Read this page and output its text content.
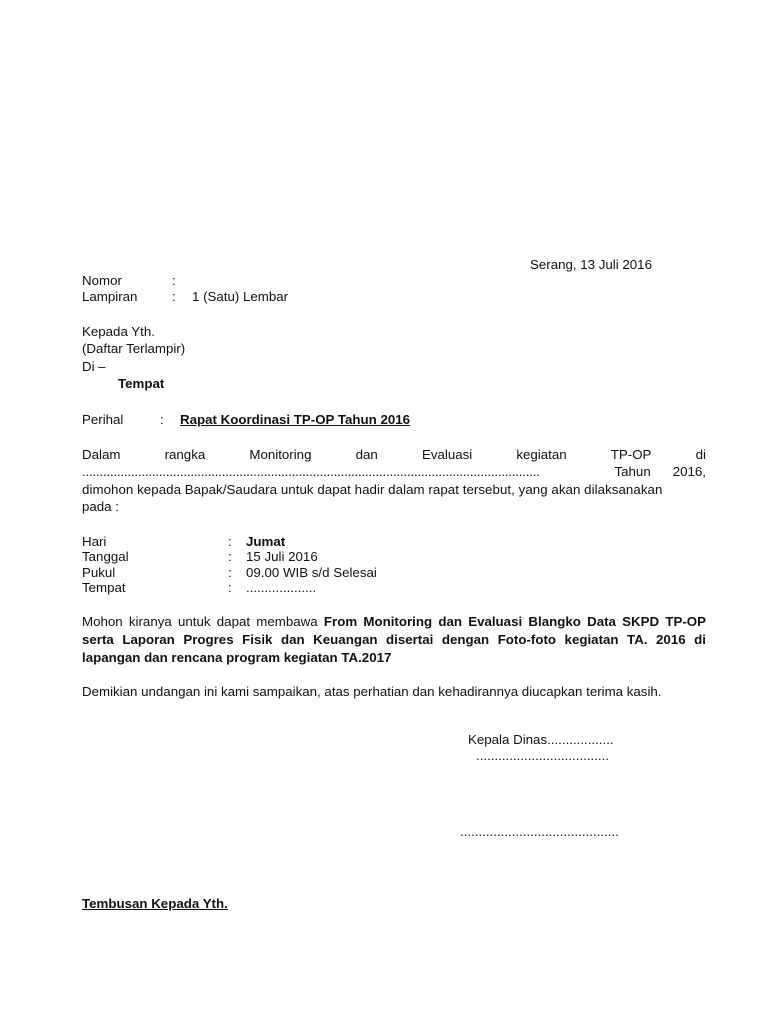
Serang, 13 Juli 2016
Nomor	:
Lampiran	: 1 (Satu) Lembar
Kepada Yth.
(Daftar Terlampir)
Di –
Tempat
Perihal	: Rapat Koordinasi TP-OP Tahun 2016
Dalam	rangka	Monitoring	dan	Evaluasi	kegiatan	TP-OP	di
...................................................................................................................................	Tahun 2016,
dimohon kepada Bapak/Saudara untuk dapat hadir dalam rapat tersebut, yang akan dilaksanakan
pada :
Hari	: Jumat
Tanggal	: 15 Juli 2016
Pukul	: 09.00 WIB s/d Selesai
Tempat	: ...................
Mohon kiranya untuk dapat membawa From Monitoring dan Evaluasi Blangko Data SKPD TP-OP serta Laporan Progres Fisik dan Keuangan disertai dengan Foto-foto kegiatan TA. 2016 di lapangan dan rencana program kegiatan TA.2017
Demikian undangan ini kami sampaikan, atas perhatian dan kehadirannya diucapkan terima kasih.
Kepala Dinas..................
....................................
...........................................
Tembusan Kepada Yth.
